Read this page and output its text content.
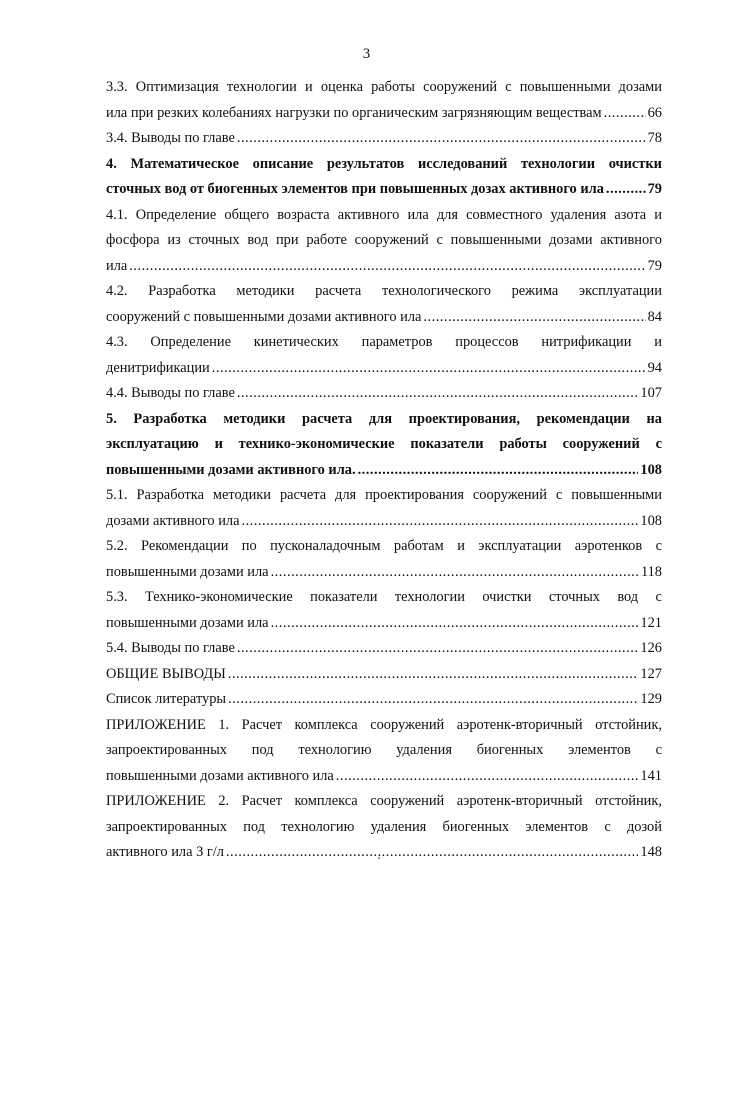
3
3.3. Оптимизация технологии и оценка работы сооружений с повышенными дозами
ила при резких колебаниях нагрузки по органическим загрязняющим веществам .....	66
3.4. Выводы по главе .....	78
4. Математическое описание результатов исследований технологии очистки
сточных вод от биогенных элементов при повышенных дозах активного ила .....	79
4.1. Определение общего возраста активного ила для совместного удаления азота и
фосфора из сточных вод при работе сооружений с повышенными дозами активного
ила .....	79
4.2. Разработка методики расчета технологического режима эксплуатации
сооружений с повышенными дозами активного ила .....	84
4.3. Определение кинетических параметров процессов нитрификации и
денитрификации .....	94
4.4. Выводы по главе .....	107
5. Разработка методики расчета для проектирования, рекомендации на
эксплуатацию и технико-экономические показатели работы сооружений с
повышенными дозами активного ила. .....	108
5.1. Разработка методики расчета для проектирования сооружений с повышенными
дозами активного ила .....	108
5.2. Рекомендации по пусконаладочным работам и эксплуатации аэротенков с
повышенными дозами ила .....	118
5.3. Технико-экономические показатели технологии очистки сточных вод с
повышенными дозами ила .....	121
5.4. Выводы по главе .....	126
ОБЩИЕ ВЫВОДЫ .....	127
Список литературы .....	129
ПРИЛОЖЕНИЕ 1. Расчет комплекса сооружений аэротенк-вторичный отстойник,
запроектированных под технологию удаления биогенных элементов с
повышенными дозами активного ила .....	141
ПРИЛОЖЕНИЕ 2. Расчет комплекса сооружений аэротенк-вторичный отстойник,
запроектированных под технологию удаления биогенных элементов с дозой
активного ила 3 г/л .....	148
